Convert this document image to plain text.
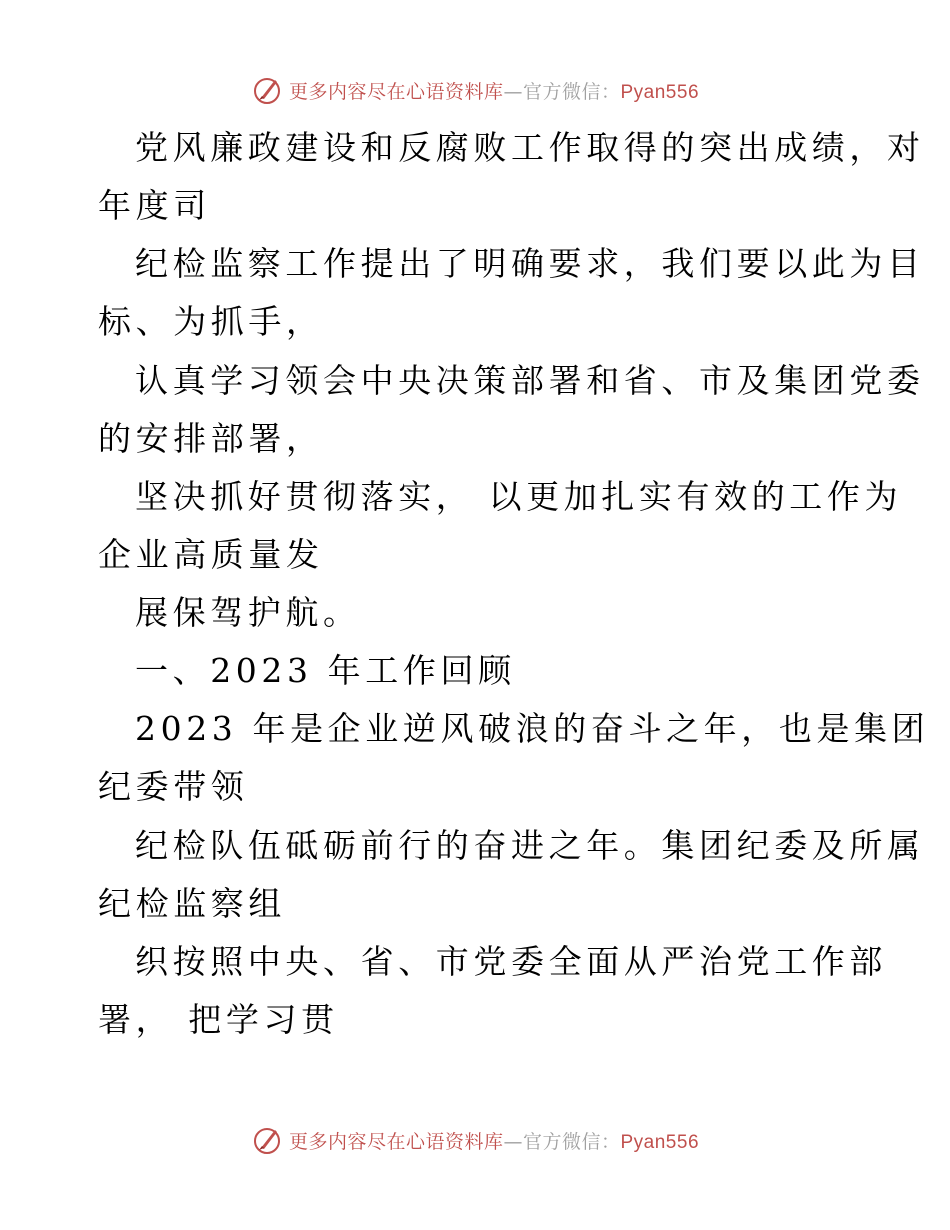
更多内容尽在心语资料库—官方微信：Pyan556
党风廉政建设和反腐败工作取得的突出成绩，对
年度司
纪检监察工作提出了明确要求，我们要以此为目
标、为抓手，
认真学习领会中央决策部署和省、市及集团党委
的安排部署，
坚决抓好贯彻落实， 以更加扎实有效的工作为
企业高质量发
展保驾护航。
一、2023 年工作回顾
2023 年是企业逆风破浪的奋斗之年，也是集团
纪委带领
纪检队伍砥砺前行的奋进之年。集团纪委及所属
纪检监察组
织按照中央、省、市党委全面从严治党工作部
署， 把学习贯
更多内容尽在心语资料库—官方微信：Pyan556
